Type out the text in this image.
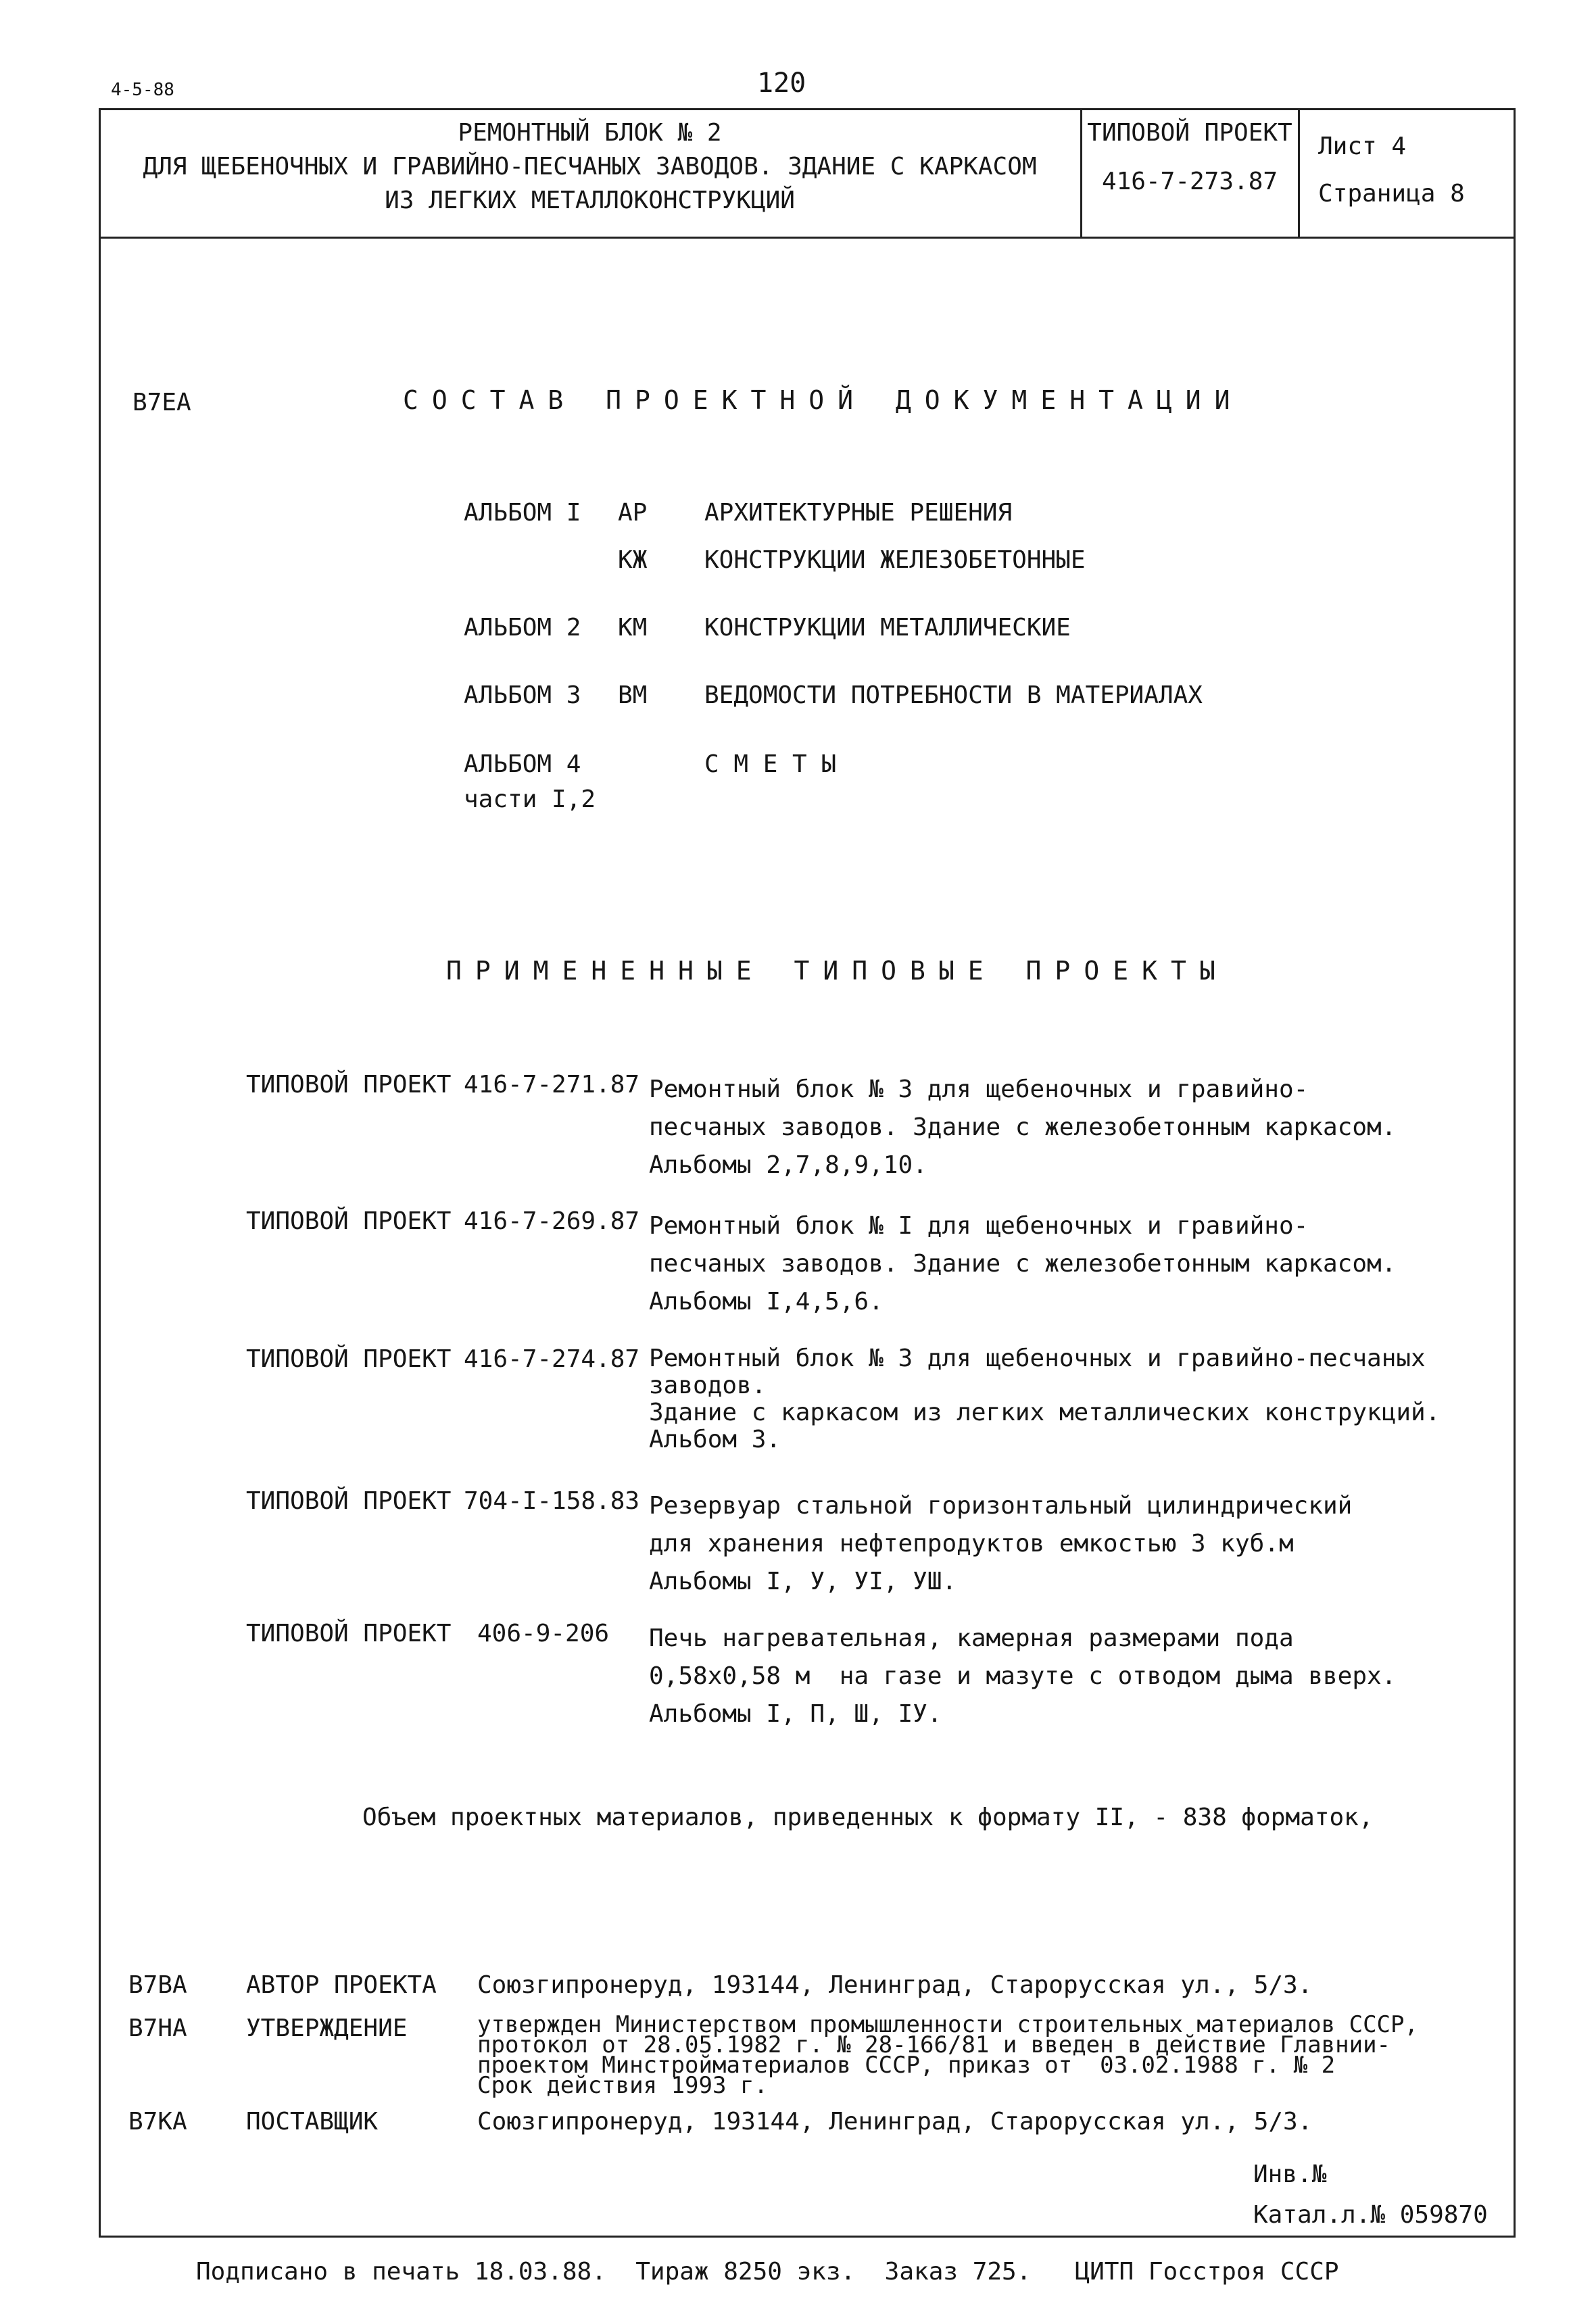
4-5-88	120
РЕМОНТНЫЙ БЛОК № 2
ДЛЯ ЩЕБЕНОЧНЫХ И ГРАВИЙНО-ПЕСЧАНЫХ ЗАВОДОВ. ЗДАНИЕ С КАРКАСОМ
ИЗ ЛЕГКИХ МЕТАЛЛОКОНСТРУКЦИЙ
ТИПОВОЙ ПРОЕКТ
416-7-273.87
Лист 4
Страница 8
В7ЕА	СОСТАВ ПРОЕКТНОЙ ДОКУМЕНТАЦИИ
АЛЬБОМ I АР АРХИТЕКТУРНЫЕ РЕШЕНИЯ
КЖ КОНСТРУКЦИИ ЖЕЛЕЗОБЕТОННЫЕ
АЛЬБОМ 2 КМ КОНСТРУКЦИИ МЕТАЛЛИЧЕСКИЕ
АЛЬБОМ 3 ВМ ВЕДОМОСТИ ПОТРЕБНОСТИ В МАТЕРИАЛАХ
АЛЬБОМ 4	С М Е Т Ы
части I,2
ПРИМЕНЕННЫЕ ТИПОВЫЕ ПРОЕКТЫ
ТИПОВОЙ ПРОЕКТ 416-7-271.87 Ремонтный блок № 3 для щебеночных и гравийно-
песчаных заводов. Здание с железобетонным каркасом.
Альбомы 2,7,8,9,10.
ТИПОВОЙ ПРОЕКТ 416-7-269.87 Ремонтный блок № I для щебеночных и гравийно-
песчаных заводов. Здание с железобетонным каркасом.
Альбомы I,4,5,6.
ТИПОВОЙ ПРОЕКТ 416-7-274.87 Ремонтный блок № 3 для щебеночных и гравийно-песчаных
заводов.
Здание с каркасом из легких металлических конструкций.
Альбом 3.
ТИПОВОЙ ПРОЕКТ 704-I-158.83 Резервуар стальной горизонтальный цилиндрический
для хранения нефтепродуктов емкостью 3 куб.м
Альбомы I, У, УI, УШ.
ТИПОВОЙ ПРОЕКТ 406-9-206 Печь нагревательная, камерная размерами пода
0,58х0,58 м  на газе и мазуте с отводом дыма вверх.
Альбомы I, П, Ш, IУ.
Объем проектных материалов, приведенных к формату II, - 838 форматок,
В7ВА АВТОР ПРОЕКТА Союзгипронеруд, 193144, Ленинград, Старорусская ул., 5/3.
В7НА УТВЕРЖДЕНИЕ	утвержден Министерством промышленности строительных материалов СССР,
протокол от 28.05.1982 г. № 28-166/81 и введен в действие Главнии-
проектом Минстройматериалов СССР, приказ от  03.02.1988 г. № 2
Срок действия 1993 г.
В7КА ПОСТАВЩИК	Союзгипронеруд, 193144, Ленинград, Старорусская ул., 5/3.
Инв.№
Катал.л.№ 059870
Подписано в печать 18.03.88.  Тираж 8250 экз.  Заказ 725.   ЦИТП Госстроя СССР
